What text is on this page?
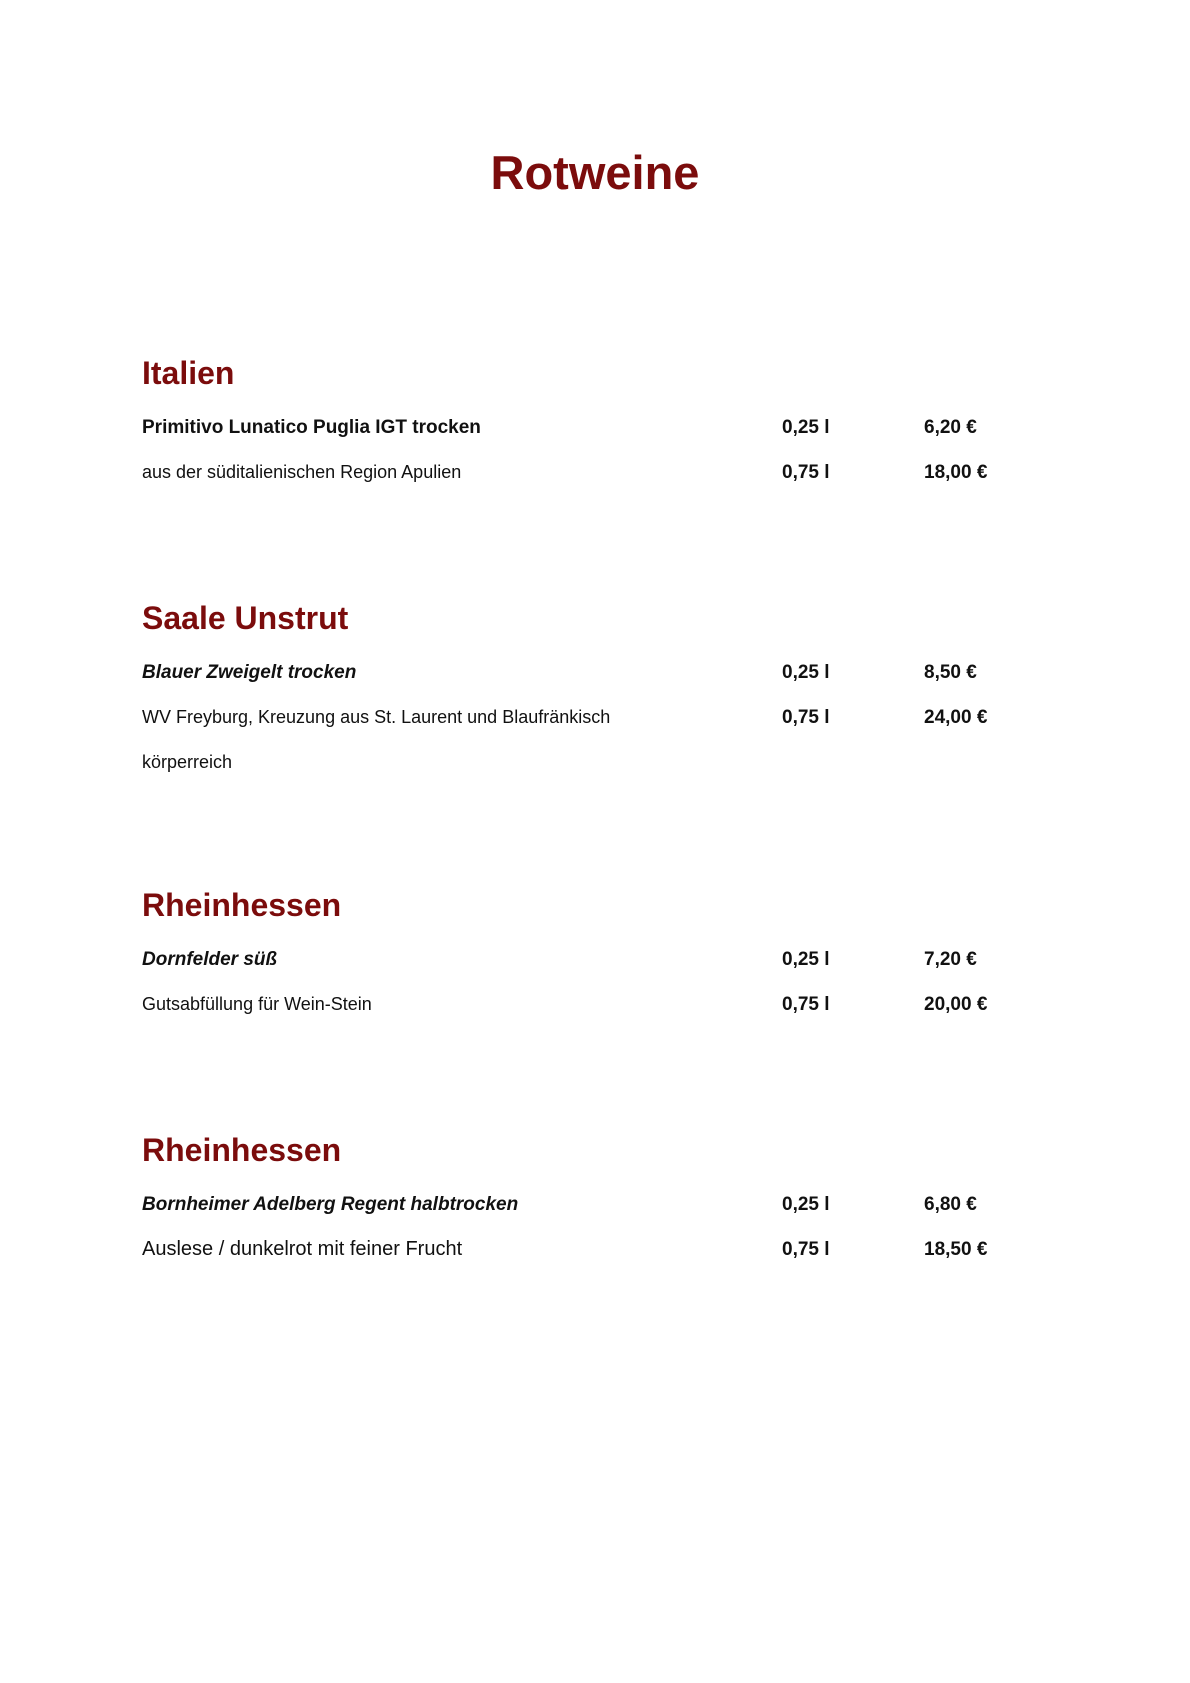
Rotweine
Italien
Primitivo Lunatico Puglia IGT trocken	0,25 l	6,20 €
aus der süditalienischen Region Apulien	0,75 l	18,00 €
Saale Unstrut
Blauer Zweigelt trocken	0,25 l	8,50 €
WV Freyburg, Kreuzung aus St. Laurent und Blaufränkisch	0,75 l	24,00 €
körperreich
Rheinhessen
Dornfelder süß	0,25 l	7,20 €
Gutsabfüllung für Wein-Stein	0,75 l	20,00 €
Rheinhessen
Bornheimer Adelberg Regent halbtrocken	0,25 l	6,80 €
Auslese / dunkelrot mit feiner Frucht	0,75 l	18,50 €
